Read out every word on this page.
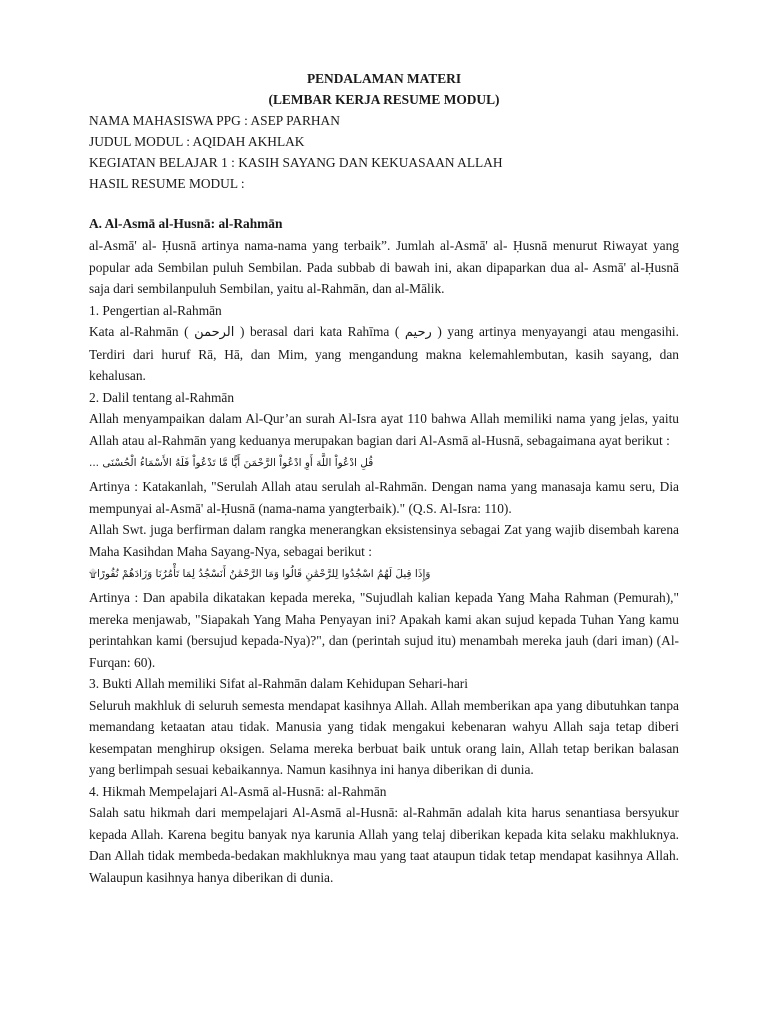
PENDALAMAN MATERI

(LEMBAR KERJA RESUME MODUL)

NAMA MAHASISWA PPG : ASEP PARHAN

JUDUL MODUL : AQIDAH AKHLAK

KEGIATAN BELAJAR 1 : KASIH SAYANG DAN KEKUASAAN ALLAH

HASIL RESUME MODUL :

A. Al-Asmā al-Husnā: al-Rahmān

al-Asmā' al- Ḥusnā artinya nama-nama yang terbaik”. Jumlah al-Asmā' al- Ḥusnā menurut Riwayat yang popular ada Sembilan puluh Sembilan. Pada subbab di bawah ini, akan dipaparkan dua al- Asmā' al-Ḥusnā saja dari sembilanpuluh Sembilan, yaitu al-Rahmān, dan al-Mālik.

1. Pengertian al-Rahmān

Kata al-Rahmān ( الرحمن ) berasal dari kata Rahīma ( رحيم ) yang artinya menyayangi atau mengasihi. Terdiri dari huruf Rā, Hā, dan Mim, yang mengandung makna kelemahlembutan, kasih sayang, dan kehalusan.

2. Dalil tentang al-Rahmān

Allah menyampaikan dalam Al-Qur’an surah Al-Isra ayat 110 bahwa Allah memiliki nama yang jelas, yaitu Allah atau al-Rahmān yang keduanya merupakan bagian dari Al-Asmā al-Husnā, sebagaimana ayat berikut :

قُلِ ادْعُواْ اللَّهَ أَوِ ادْعُواْ الرَّحْمَنَ أَيًّا مَّا تَدْعُواْ فَلَهُ الأَسْمَاءُ الْحُسْنَى ...

Artinya : Katakanlah, "Serulah Allah atau serulah al-Rahmān. Dengan nama yang manasaja kamu seru, Dia mempunyai al-Asmā' al-Ḥusnā (nama-nama yangterbaik)." (Q.S. Al-Isra: 110).

Allah Swt. juga berfirman dalam rangka menerangkan eksistensinya sebagai Zat yang wajib disembah karena Maha Kasihdan Maha Sayang-Nya, sebagai berikut :

وَإِذَا قِيلَ لَهُمُ اسْجُدُوا لِلرَّحْمَٰنِ قَالُوا وَمَا الرَّحْمَٰنُ أَنَسْجُدُ لِمَا تَأْمُرُنَا وَزَادَهُمْ نُفُورًا۩

Artinya : Dan apabila dikatakan kepada mereka, "Sujudlah kalian kepada Yang Maha Rahman (Pemurah)," mereka menjawab, "Siapakah Yang Maha Penyayan ini? Apakah kami akan sujud kepada Tuhan Yang kamu perintahkan kami (bersujud kepada-Nya)?", dan (perintah sujud itu) menambah mereka jauh (dari iman) (Al-Furqan: 60).

3. Bukti Allah memiliki Sifat al-Rahmān dalam Kehidupan Sehari-hari

Seluruh makhluk di seluruh semesta mendapat kasihnya Allah. Allah memberikan apa yang dibutuhkan tanpa memandang ketaatan atau tidak. Manusia yang tidak mengakui kebenaran wahyu Allah saja tetap diberi kesempatan menghirup oksigen. Selama mereka berbuat baik untuk orang lain, Allah tetap berikan balasan yang berlimpah sesuai kebaikannya. Namun kasihnya ini hanya diberikan di dunia.

4. Hikmah Mempelajari Al-Asmā al-Husnā: al-Rahmān

Salah satu hikmah dari mempelajari Al-Asmā al-Husnā: al-Rahmān adalah kita harus senantiasa bersyukur kepada Allah. Karena begitu banyak nya karunia Allah yang telaj diberikan kepada kita selaku makhluknya. Dan Allah tidak membeda-bedakan makhluknya mau yang taat ataupun tidak tetap mendapat kasihnya Allah. Walaupun kasihnya hanya diberikan di dunia.
